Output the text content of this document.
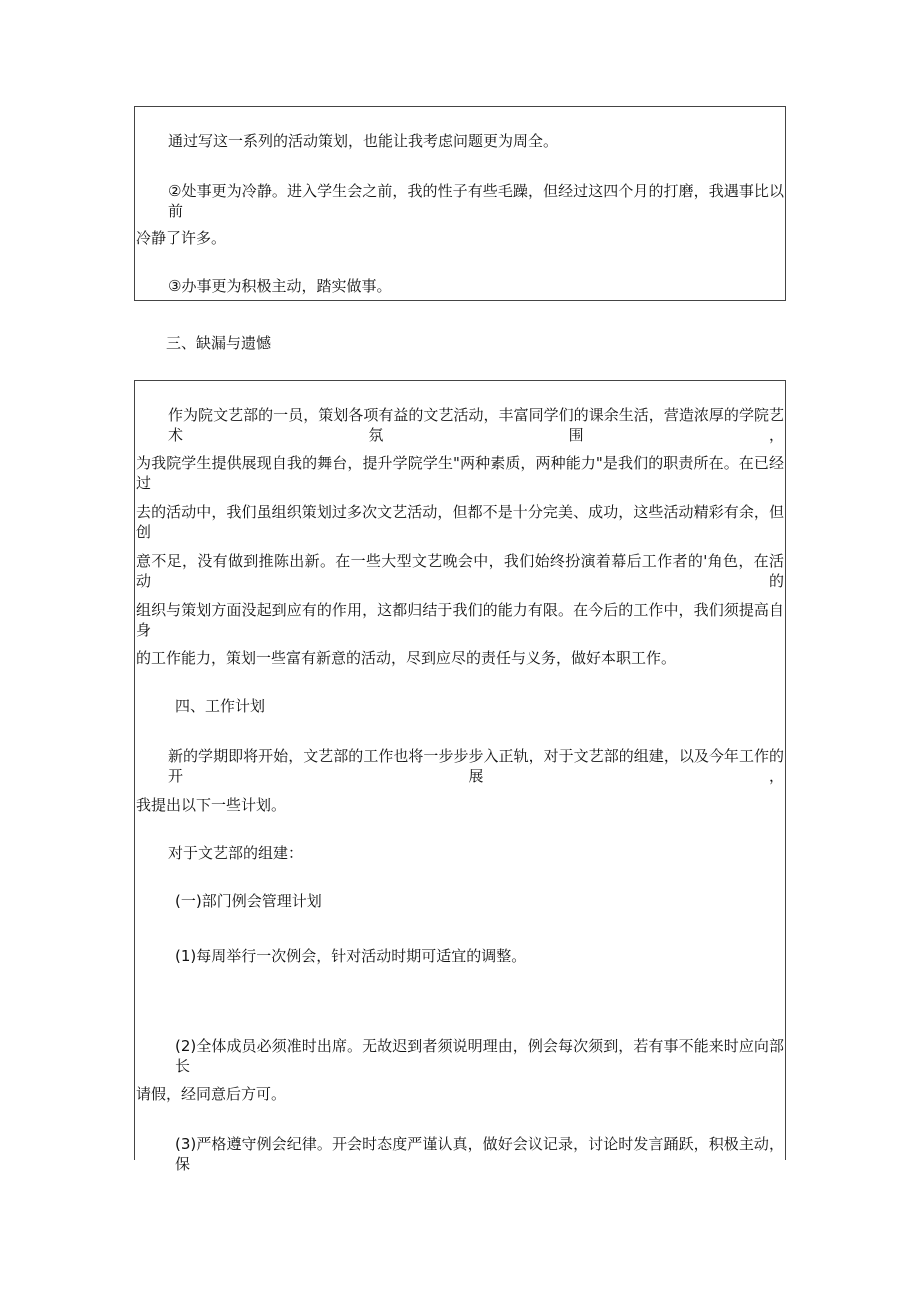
通过写这一系列的活动策划，也能让我考虑问题更为周全。
②处事更为冷静。进入学生会之前，我的性子有些毛躁，但经过这四个月的打磨，我遇事比以前
冷静了许多。
③办事更为积极主动，踏实做事。
三、缺漏与遗憾
作为院文艺部的一员，策划各项有益的文艺活动，丰富同学们的课余生活，营造浓厚的学院艺术氛围，
为我院学生提供展现自我的舞台，提升学院学生"两种素质，两种能力"是我们的职责所在。在已经过
去的活动中，我们虽组织策划过多次文艺活动，但都不是十分完美、成功，这些活动精彩有余，但创
意不足，没有做到推陈出新。在一些大型文艺晚会中，我们始终扮演着幕后工作者的'角色，在活动的
组织与策划方面没起到应有的作用，这都归结于我们的能力有限。在今后的工作中，我们须提高自身
的工作能力，策划一些富有新意的活动，尽到应尽的责任与义务，做好本职工作。
四、工作计划
新的学期即将开始，文艺部的工作也将一步步步入正轨，对于文艺部的组建，以及今年工作的开展，
我提出以下一些计划。
对于文艺部的组建：
(一)部门例会管理计划
(1)每周举行一次例会，针对活动时期可适宜的调整。
(2)全体成员必须准时出席。无故迟到者须说明理由，例会每次须到，若有事不能来时应向部长
请假，经同意后方可。
(3)严格遵守例会纪律。开会时态度严谨认真，做好会议记录，讨论时发言踊跃，积极主动，保
